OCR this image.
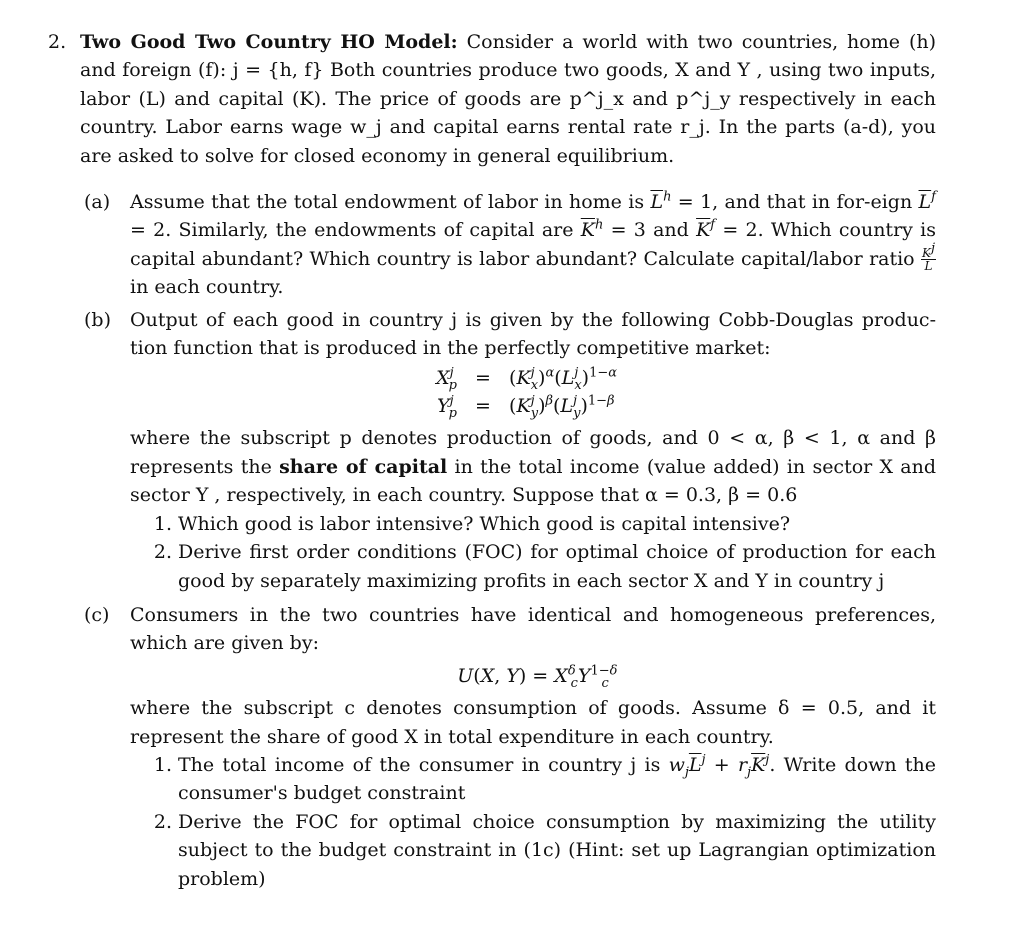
2. Two Good Two Country HO Model: Consider a world with two countries, home (h) and foreign (f): j = {h, f} Both countries produce two goods, X and Y , using two inputs, labor (L) and capital (K). The price of goods are p^j_x and p^j_y respectively in each country. Labor earns wage w_j and capital earns rental rate r_j. In the parts (a-d), you are asked to solve for closed economy in general equilibrium.
(a)	Assume that the total endowment of labor in home is $\overline{L}^h = 1$, and that in for-eign $\overline{L}^f = 2$. Similarly, the endowments of capital are $\overline{K}^h = 3$ and $\overline{K}^f = 2$. Which country is capital abundant? Which country is labor abundant? Calculate capital/labor ratio $\frac{K^j}{L}$
in each country.
(b)	Output of each good in country j is given by the following Cobb-Douglas produc-tion function that is produced in the perfectly competitive market:
$X^j_p = (K^j_x)^\alpha(L^j_x)^{1-\alpha}$
$Y^j_p = (K^j_y)^\beta(L^j_y)^{1-\beta}$
where the subscript p denotes production of goods, and 0 < α, β < 1, α and β represents the share of capital in the total income (value added) in sector X and sector Y , respectively, in each country. Suppose that α = 0.3, β = 0.6
1. Which good is labor intensive? Which good is capital intensive?
2. Derive first order conditions (FOC) for optimal choice of production for each good by separately maximizing profits in each sector X and Y in country j
(c)	Consumers in the two countries have identical and homogeneous preferences, which are given by:
U(X, $Y) = X^\delta_cY^{1-\delta}_c$
where the subscript c denotes consumption of goods. Assume δ = 0.5, and it represent the share of good X in total expenditure in each country.
1. The total income of the consumer in country j is $w_j\overline{L}^j + r_j\overline{K}^j$. Write down the consumer's budget constraint
2. Derive the FOC for optimal choice consumption by maximizing the utility subject to the budget constraint in (1c) (Hint: set up Lagrangian optimization problem)
